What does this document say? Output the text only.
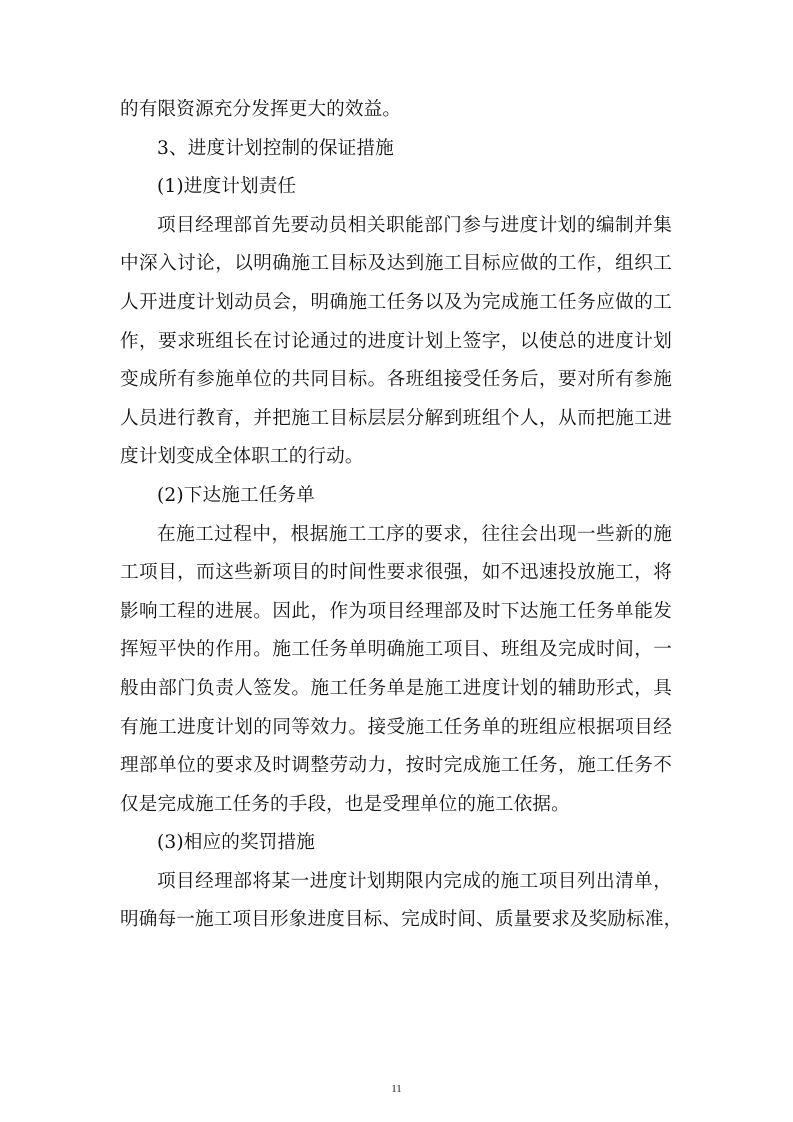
的有限资源充分发挥更大的效益。
3、进度计划控制的保证措施
(1)进度计划责任
项目经理部首先要动员相关职能部门参与进度计划的编制并集
中深入讨论，以明确施工目标及达到施工目标应做的工作，组织工
人开进度计划动员会，明确施工任务以及为完成施工任务应做的工
作，要求班组长在讨论通过的进度计划上签字，以使总的进度计划
变成所有参施单位的共同目标。各班组接受任务后，要对所有参施
人员进行教育，并把施工目标层层分解到班组个人，从而把施工进
度计划变成全体职工的行动。
(2)下达施工任务单
在施工过程中，根据施工工序的要求，往往会出现一些新的施
工项目，而这些新项目的时间性要求很强，如不迅速投放施工，将
影响工程的进展。因此，作为项目经理部及时下达施工任务单能发
挥短平快的作用。施工任务单明确施工项目、班组及完成时间，一
般由部门负责人签发。施工任务单是施工进度计划的辅助形式，具
有施工进度计划的同等效力。接受施工任务单的班组应根据项目经
理部单位的要求及时调整劳动力，按时完成施工任务，施工任务不
仅是完成施工任务的手段，也是受理单位的施工依据。
(3)相应的奖罚措施
项目经理部将某一进度计划期限内完成的施工项目列出清单，
明确每一施工项目形象进度目标、完成时间、质量要求及奖励标准，
11
